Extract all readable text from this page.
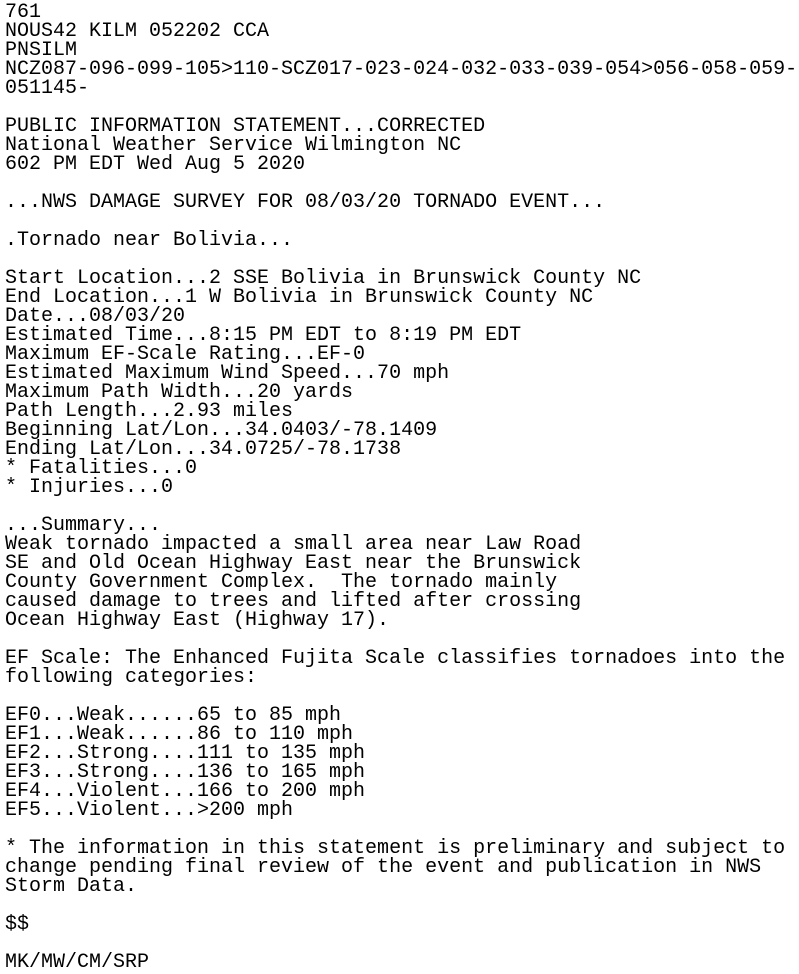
761
NOUS42 KILM 052202 CCA
PNSILM
NCZ087-096-099-105>110-SCZ017-023-024-032-033-039-054>056-058-059-
051145-
PUBLIC INFORMATION STATEMENT...CORRECTED
National Weather Service Wilmington NC
602 PM EDT Wed Aug 5 2020
...NWS DAMAGE SURVEY FOR 08/03/20 TORNADO EVENT...
.Tornado near Bolivia...
Start Location...2 SSE Bolivia in Brunswick County NC
End Location...1 W Bolivia in Brunswick County NC
Date...08/03/20
Estimated Time...8:15 PM EDT to 8:19 PM EDT
Maximum EF-Scale Rating...EF-0
Estimated Maximum Wind Speed...70 mph
Maximum Path Width...20 yards
Path Length...2.93 miles
Beginning Lat/Lon...34.0403/-78.1409
Ending Lat/Lon...34.0725/-78.1738
* Fatalities...0
* Injuries...0
...Summary...
Weak tornado impacted a small area near Law Road
SE and Old Ocean Highway East near the Brunswick
County Government Complex.  The tornado mainly
caused damage to trees and lifted after crossing
Ocean Highway East (Highway 17).
EF Scale: The Enhanced Fujita Scale classifies tornadoes into the
following categories:
EF0...Weak......65 to 85 mph
EF1...Weak......86 to 110 mph
EF2...Strong....111 to 135 mph
EF3...Strong....136 to 165 mph
EF4...Violent...166 to 200 mph
EF5...Violent...>200 mph
* The information in this statement is preliminary and subject to
change pending final review of the event and publication in NWS
Storm Data.
$$
MK/MW/CM/SRP
